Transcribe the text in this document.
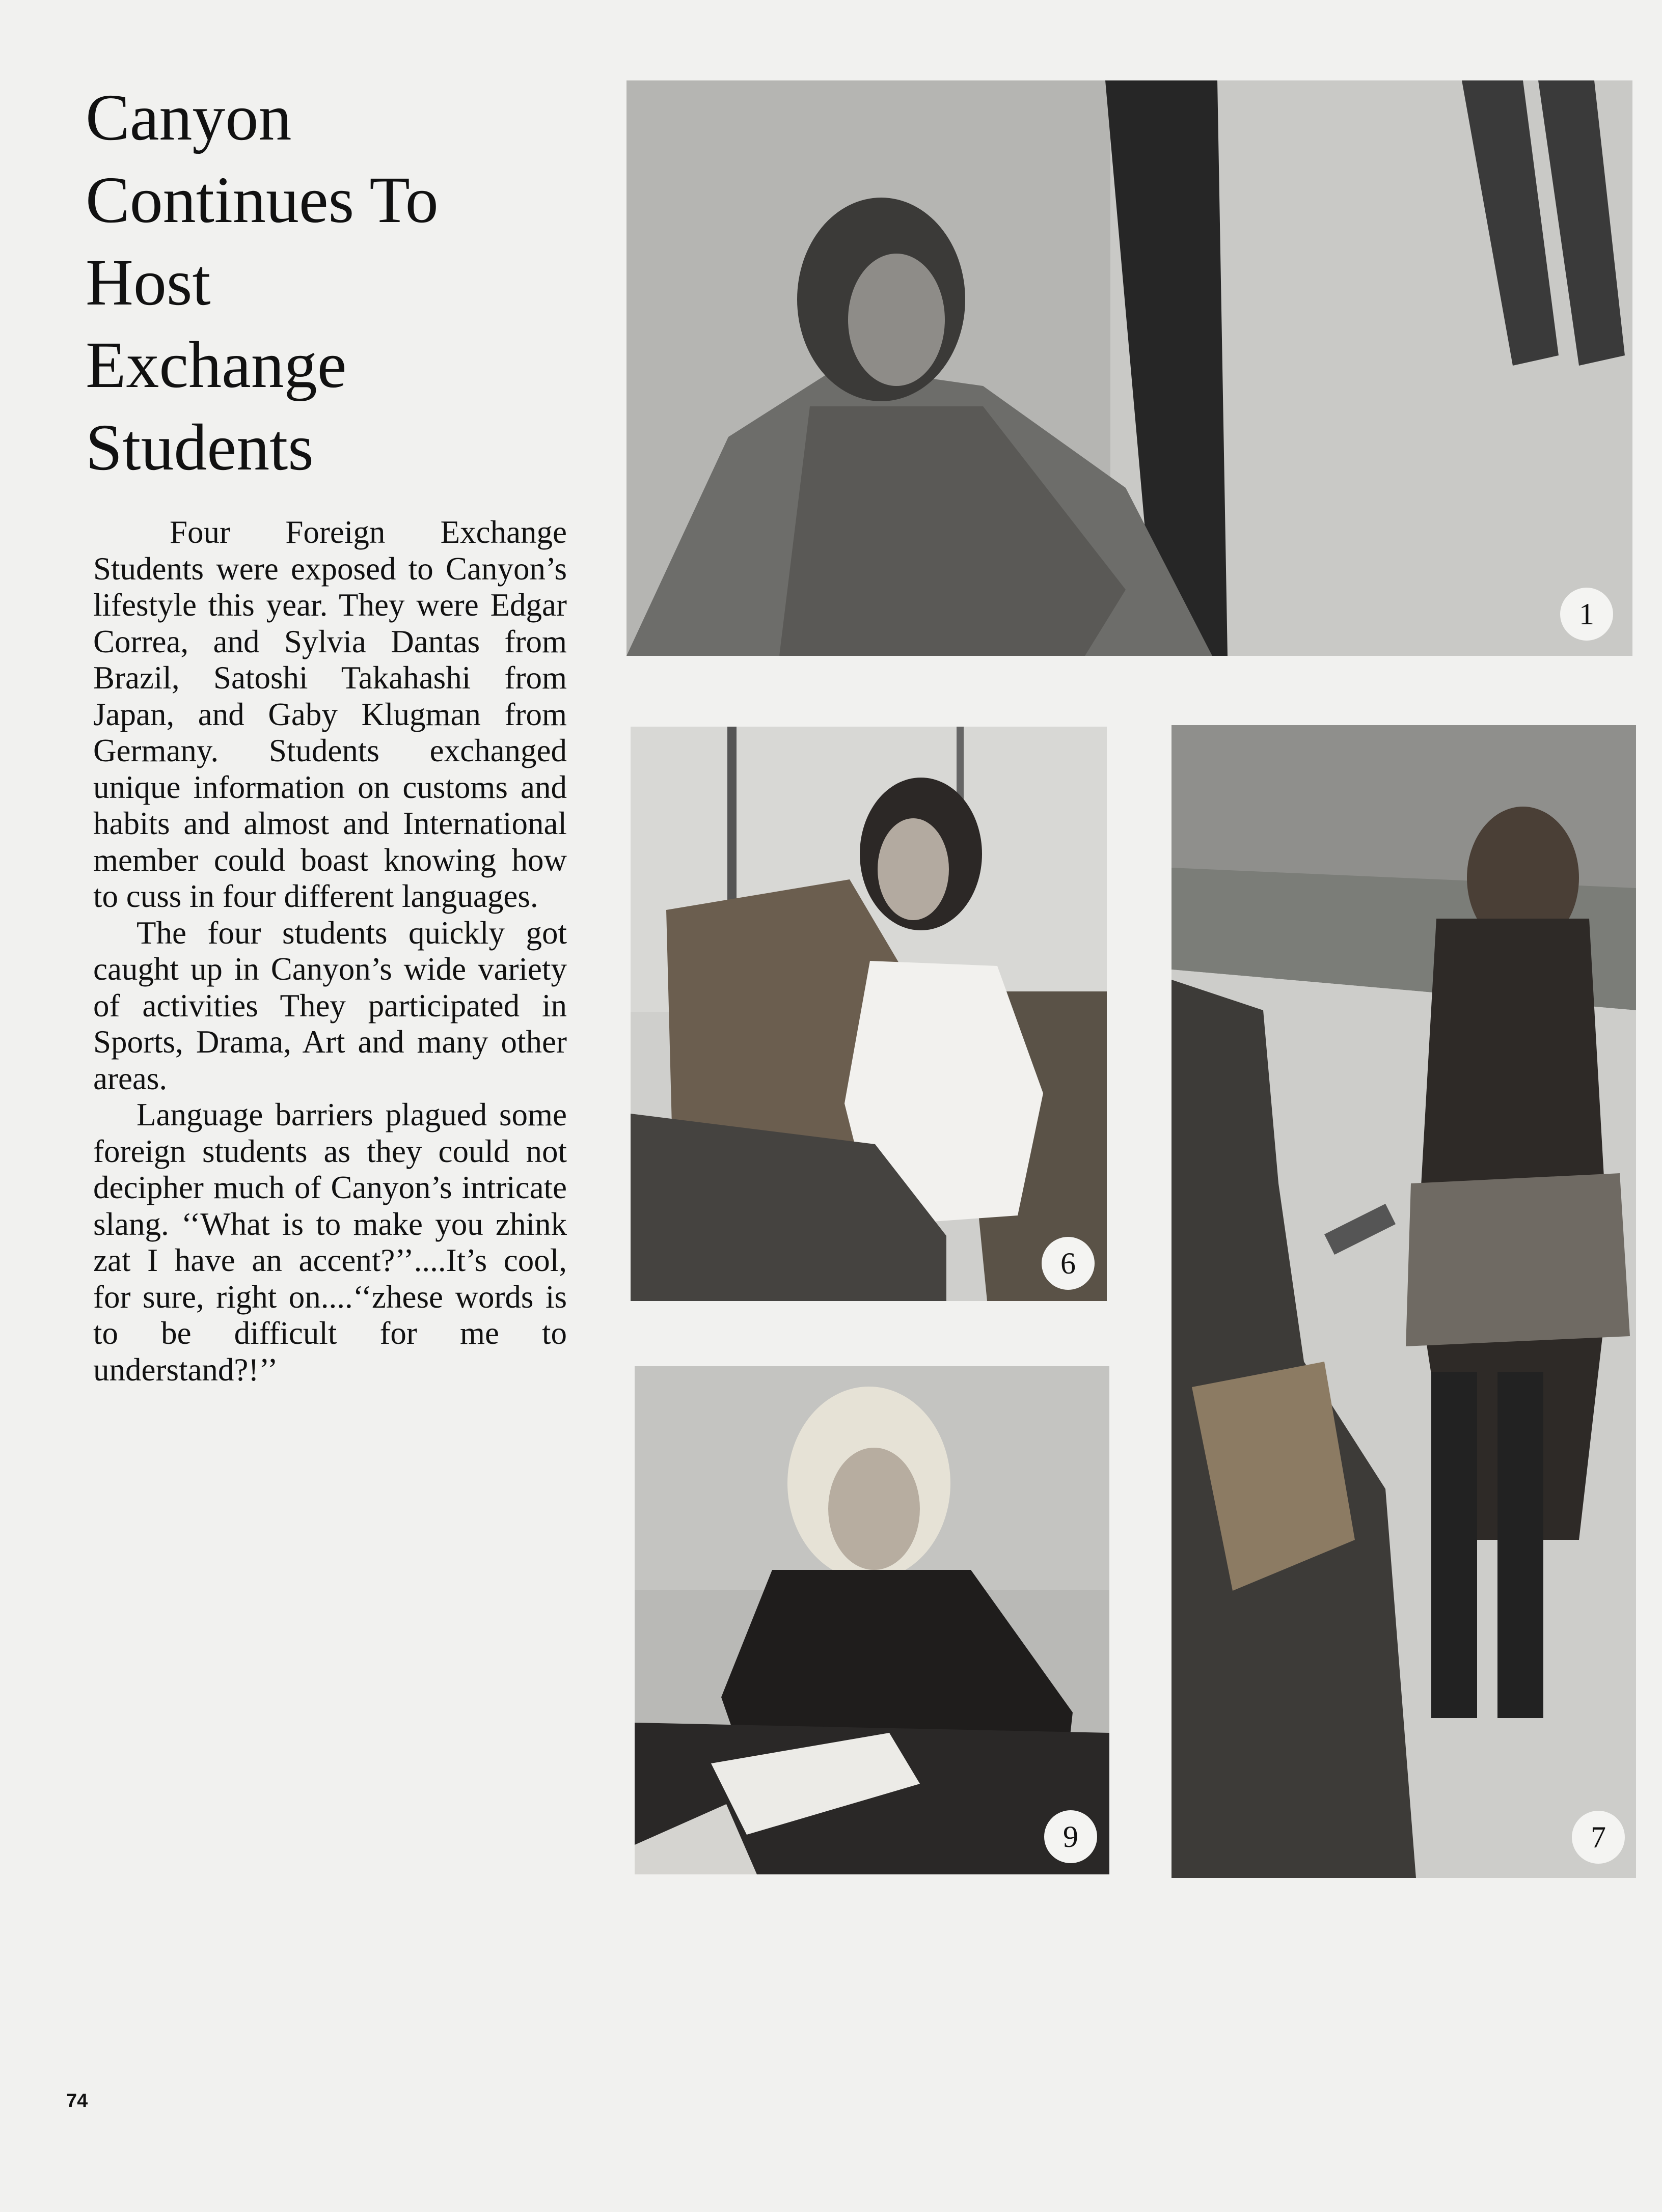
Canyon
Continues To
Host
Exchange
Students

Four Foreign Exchange Students were exposed to Canyon’s lifestyle this year. They were Edgar Correa, and Sylvia Dantas from Brazil, Satoshi Takahashi from Japan, and Gaby Klugman from Germany. Students exchanged unique information on customs and habits and almost and International member could boast knowing how to cuss in four different languages.

The four students quickly got caught up in Canyon’s wide variety of activities They participated in Sports, Drama, Art and many other areas.

Language barriers plagued some foreign students as they could not decipher much of Canyon’s intricate slang. ‘‘What is to make you zhink zat I have an accent?’’....It’s cool, for sure, right on....‘‘zhese words is to be difficult for me to understand?!’’

1
6
7
9
74
